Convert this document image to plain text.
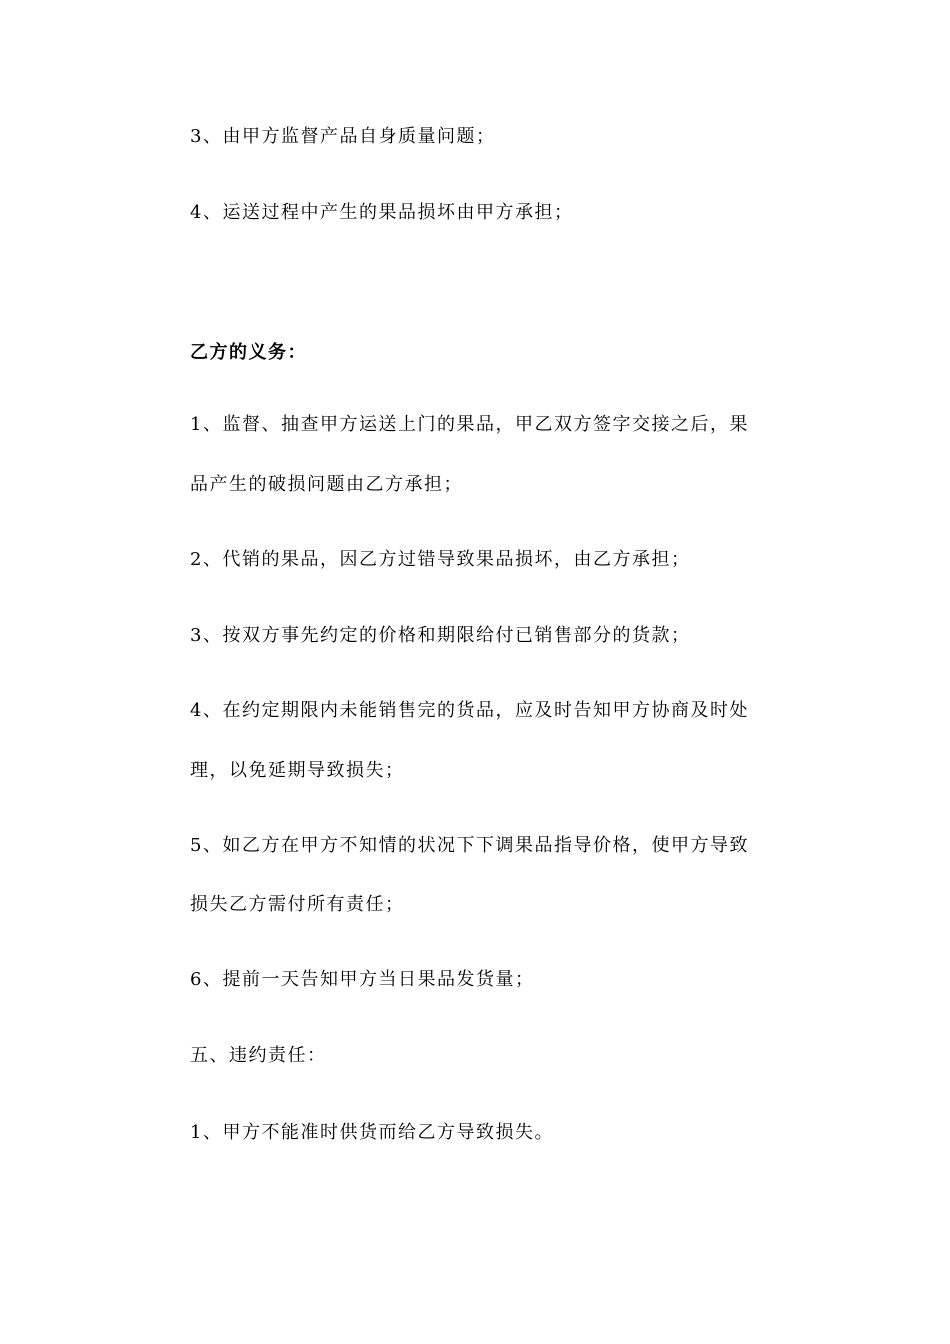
3、由甲方监督产品自身质量问题；
4、运送过程中产生的果品损坏由甲方承担；
乙方的义务：
1、监督、抽查甲方运送上门的果品，甲乙双方签字交接之后，果
品产生的破损问题由乙方承担；
2、代销的果品，因乙方过错导致果品损坏，由乙方承担；
3、按双方事先约定的价格和期限给付已销售部分的货款；
4、在约定期限内未能销售完的货品，应及时告知甲方协商及时处
理，以免延期导致损失；
5、如乙方在甲方不知情的状况下下调果品指导价格，使甲方导致
损失乙方需付所有责任；
6、提前一天告知甲方当日果品发货量；
五、违约责任：
1、甲方不能准时供货而给乙方导致损失。
